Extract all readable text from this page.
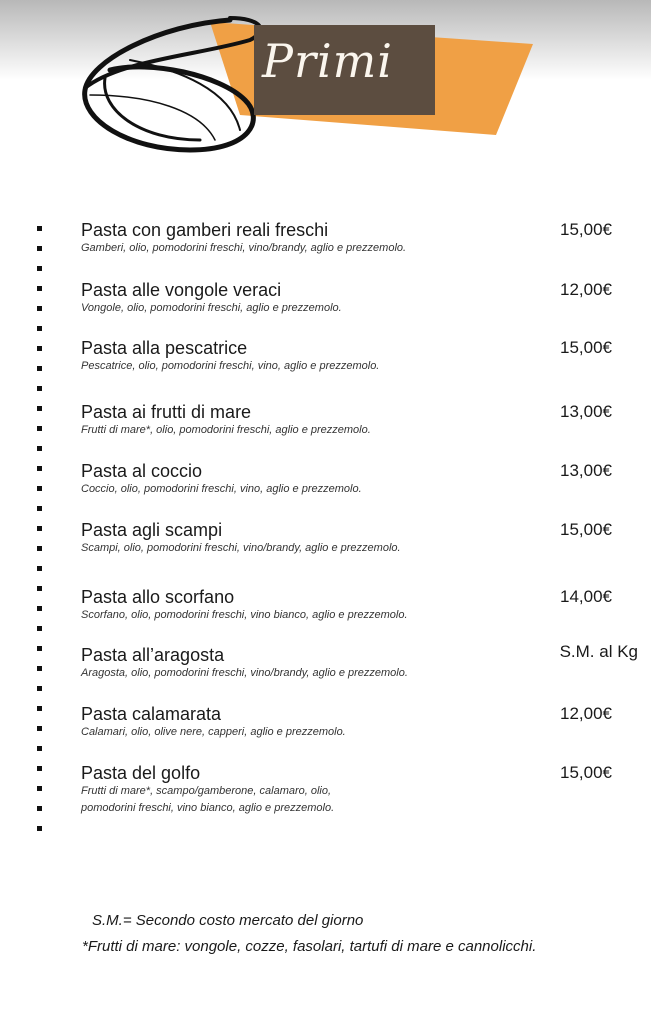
Primi
Pasta con gamberi reali freschi
Gamberi, olio, pomodorini freschi, vino/brandy, aglio e prezzemolo.
15,00€
Pasta alle vongole veraci
Vongole, olio, pomodorini freschi, aglio e prezzemolo.
12,00€
Pasta alla pescatrice
Pescatrice, olio, pomodorini freschi, vino, aglio e prezzemolo.
15,00€
Pasta ai frutti di mare
Frutti di mare*, olio, pomodorini freschi, aglio e prezzemolo.
13,00€
Pasta al coccio
Coccio, olio, pomodorini freschi, vino, aglio e prezzemolo.
13,00€
Pasta agli scampi
Scampi, olio, pomodorini freschi, vino/brandy, aglio e prezzemolo.
15,00€
Pasta allo scorfano
Scorfano, olio, pomodorini freschi, vino bianco, aglio e prezzemolo.
14,00€
Pasta all’aragosta
Aragosta, olio, pomodorini freschi, vino/brandy, aglio e prezzemolo.
S.M. al Kg
Pasta calamarata
Calamari, olio, olive nere, capperi, aglio e prezzemolo.
12,00€
Pasta del golfo
Frutti di mare*, scampo/gamberone, calamaro, olio,
pomodorini freschi, vino bianco, aglio e prezzemolo.
15,00€
S.M.= Secondo costo mercato del giorno
*Frutti di mare: vongole, cozze, fasolari, tartufi di mare e cannolicchi.
